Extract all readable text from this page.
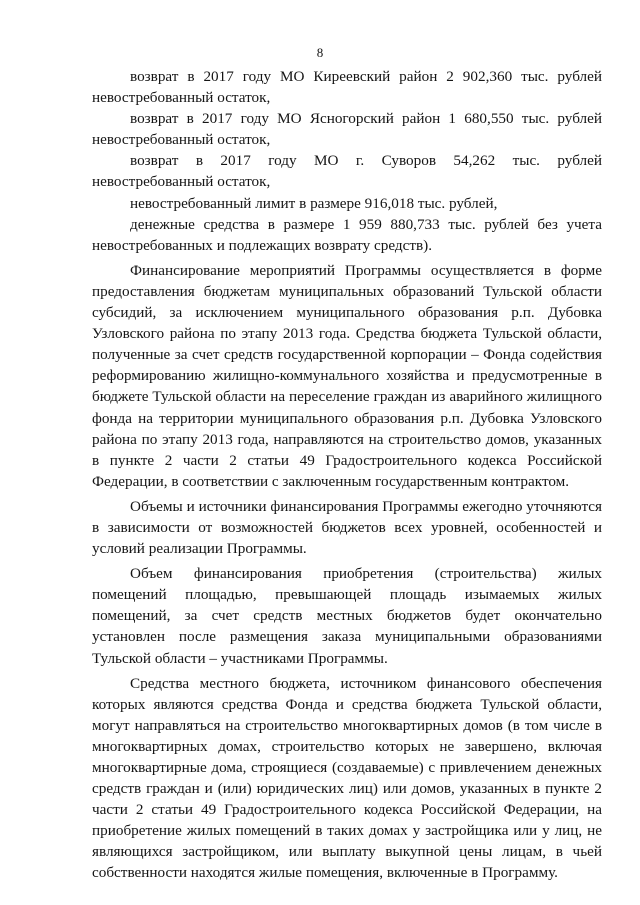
8

возврат в 2017 году МО Киреевский район 2 902,360 тыс. рублей невостребованный остаток,

возврат в 2017 году МО Ясногорский район 1 680,550 тыс. рублей невостребованный остаток,

возврат в 2017 году МО г. Суворов 54,262 тыс. рублей невостребованный остаток,

невостребованный лимит в размере 916,018 тыс. рублей,

денежные средства в размере 1 959 880,733 тыс. рублей без учета невостребованных и подлежащих возврату средств).

Финансирование мероприятий Программы осуществляется в форме предоставления бюджетам муниципальных образований Тульской области субсидий, за исключением муниципального образования р.п. Дубовка Узловского района по этапу 2013 года. Средства бюджета Тульской области, полученные за счет средств государственной корпорации – Фонда содействия реформированию жилищно-коммунального хозяйства и предусмотренные в бюджете Тульской области на переселение граждан из аварийного жилищного фонда на территории муниципального образования р.п. Дубовка Узловского района по этапу 2013 года, направляются на строительство домов, указанных в пункте 2 части 2 статьи 49 Градостроительного кодекса Российской Федерации, в соответствии с заключенным государственным контрактом.

Объемы и источники финансирования Программы ежегодно уточняются в зависимости от возможностей бюджетов всех уровней, особенностей и условий реализации Программы.

Объем финансирования приобретения (строительства) жилых помещений площадью, превышающей площадь изымаемых жилых помещений, за счет средств местных бюджетов будет окончательно установлен после размещения заказа муниципальными образованиями Тульской области – участниками Программы.

Средства местного бюджета, источником финансового обеспечения которых являются средства Фонда и средства бюджета Тульской области, могут направляться на строительство многоквартирных домов (в том числе в многоквартирных домах, строительство которых не завершено, включая многоквартирные дома, строящиеся (создаваемые) с привлечением денежных средств граждан и (или) юридических лиц) или домов, указанных в пункте 2 части 2 статьи 49 Градостроительного кодекса Российской Федерации, на приобретение жилых помещений в таких домах у застройщика или у лиц, не являющихся застройщиком, или выплату выкупной цены лицам, в чьей собственности находятся жилые помещения, включенные в Программу.
